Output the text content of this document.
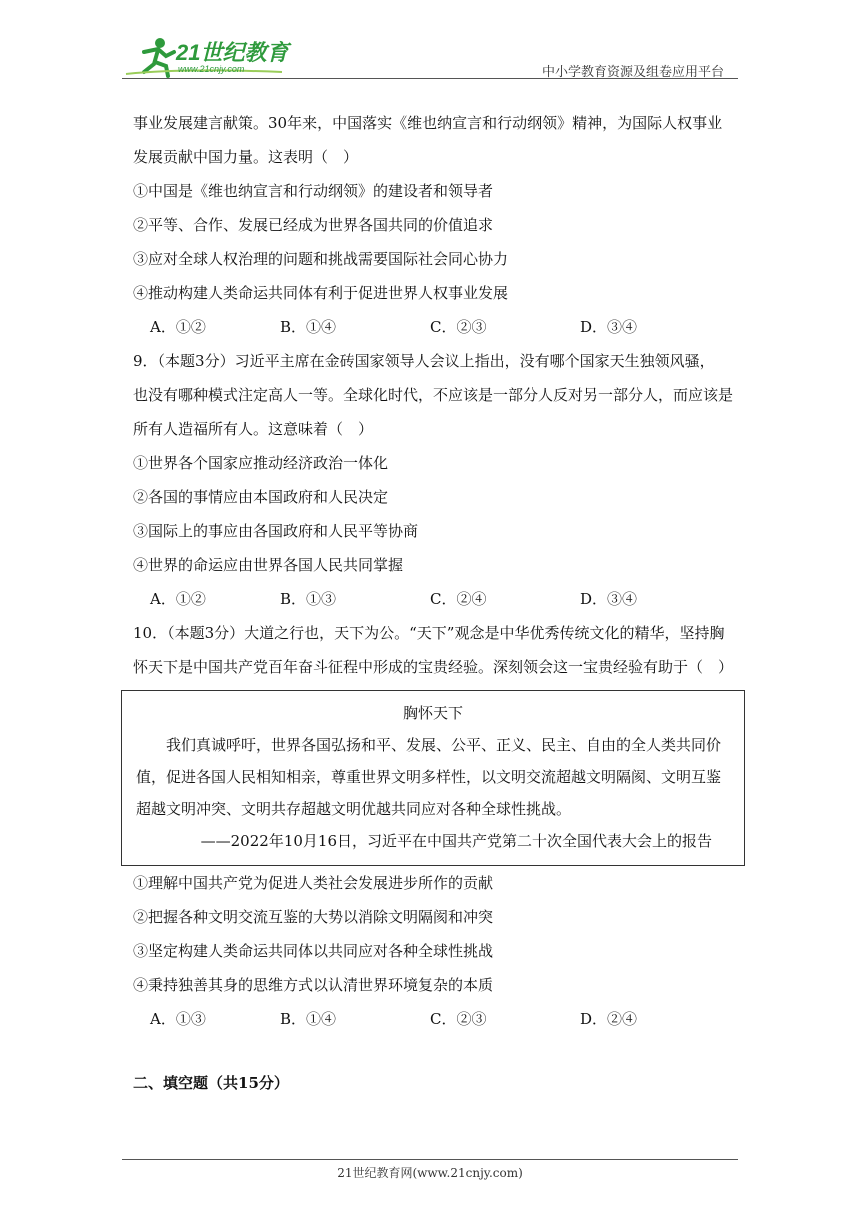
21世纪教育
www.21cnjy.com	中小学教育资源及组卷应用平台
事业发展建言献策。30年来，中国落实《维也纳宣言和行动纲领》精神，为国际人权事业
发展贡献中国力量。这表明（　）
①中国是《维也纳宣言和行动纲领》的建设者和领导者
②平等、合作、发展已经成为世界各国共同的价值追求
③应对全球人权治理的问题和挑战需要国际社会同心协力
④推动构建人类命运共同体有利于促进世界人权事业发展
A．①②	B．①④	C．②③	D．③④
9．（本题3分）习近平主席在金砖国家领导人会议上指出，没有哪个国家天生独领风骚，
也没有哪种模式注定高人一等。全球化时代，不应该是一部分人反对另一部分人，而应该是
所有人造福所有人。这意味着（　）
①世界各个国家应推动经济政治一体化
②各国的事情应由本国政府和人民决定
③国际上的事应由各国政府和人民平等协商
④世界的命运应由世界各国人民共同掌握
A．①②	B．①③	C．②④	D．③④
10．（本题3分）大道之行也，天下为公。“天下”观念是中华优秀传统文化的精华，坚持胸
怀天下是中国共产党百年奋斗征程中形成的宝贵经验。深刻领会这一宝贵经验有助于（　）
胸怀天下
我们真诚呼吁，世界各国弘扬和平、发展、公平、正义、民主、自由的全人类共同价值，促进各国人民相知相亲，尊重世界文明多样性，以文明交流超越文明隔阂、文明互鉴超越文明冲突、文明共存超越文明优越共同应对各种全球性挑战。
——2022年10月16日，习近平在中国共产党第二十次全国代表大会上的报告
①理解中国共产党为促进人类社会发展进步所作的贡献
②把握各种文明交流互鉴的大势以消除文明隔阂和冲突
③坚定构建人类命运共同体以共同应对各种全球性挑战
④秉持独善其身的思维方式以认清世界环境复杂的本质
A．①③	B．①④	C．②③	D．②④
二、填空题（共15分）
21世纪教育网(www.21cnjy.com)
